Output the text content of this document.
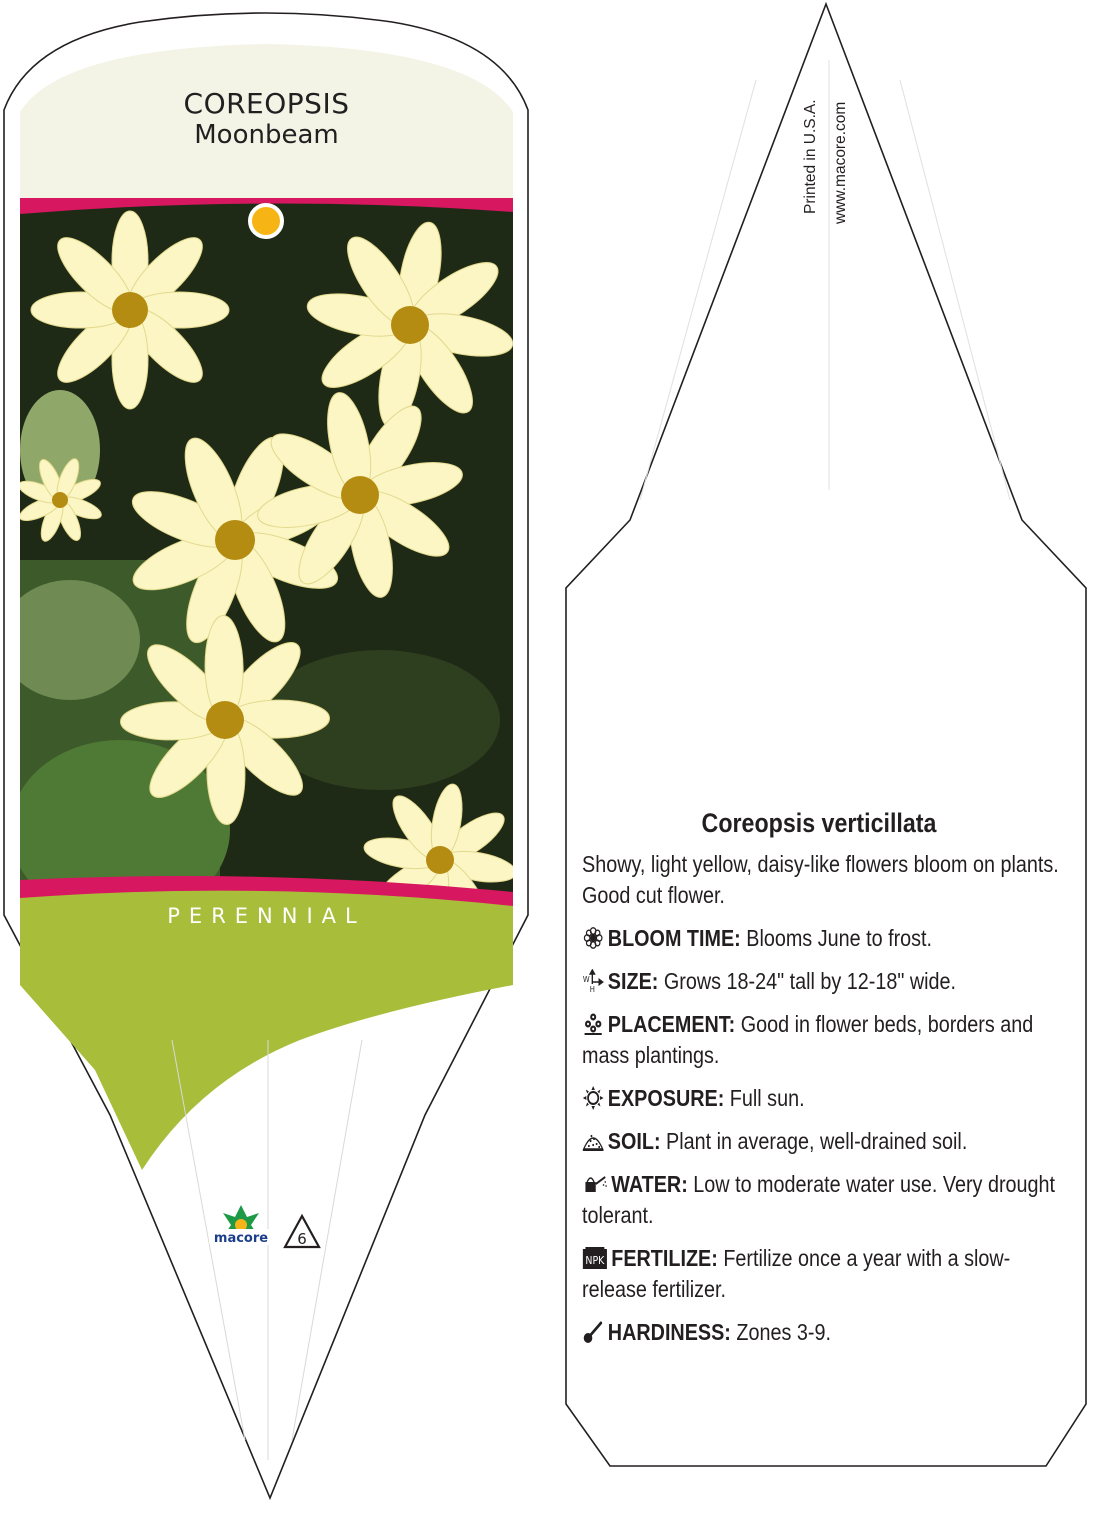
COREOPSIS
Moonbeam
PERENNIAL
macore 6
Printed in U.S.A. www.macore.com
Coreopsis verticillata
Showy, light yellow, daisy-like flowers bloom on plants. Good cut flower.
BLOOM TIME: Blooms June to frost.
W
H SIZE: Grows 18-24" tall by 12-18" wide.
PLACEMENT: Good in flower beds, borders and mass plantings.
EXPOSURE: Full sun.
SOIL: Plant in average, well-drained soil.
WATER: Low to moderate water use. Very drought tolerant.
NPK FERTILIZE: Fertilize once a year with a slow-release fertilizer.
HARDINESS: Zones 3-9.
